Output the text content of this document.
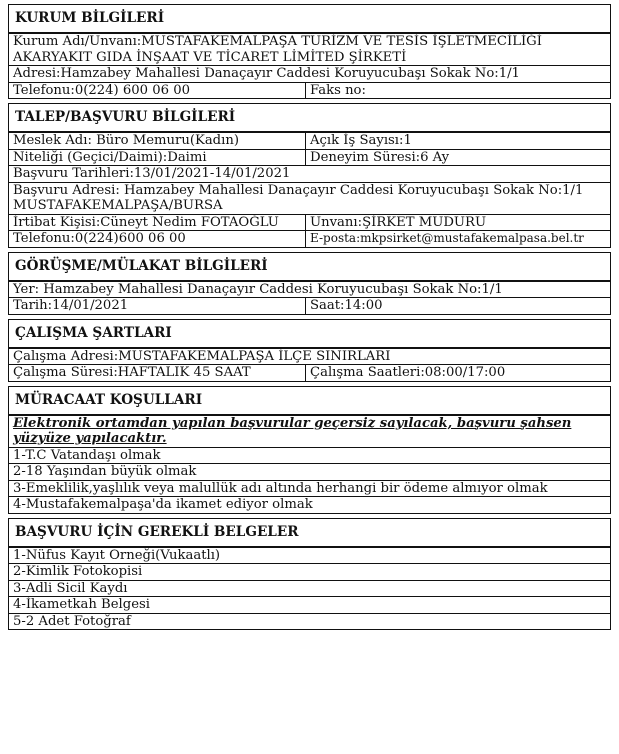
KURUM BİLGİLERİ
Kurum Adı/Unvanı:MUSTAFAKEMALPAŞA TURİZM VE TESİS İŞLETMECİLİĞİ AKARYAKIT GIDA İNŞAAT VE TİCARET LİMİTED ŞİRKETİ
Adresi:Hamzabey Mahallesi Danaçayır Caddesi Koruyucubaşı Sokak No:1/1
Telefonu:0(224) 600 06 00	Faks no:
TALEP/BAŞVURU BİLGİLERİ
Meslek Adı: Büro Memuru(Kadın)	Açık İş Sayısı:1
Niteliği (Geçici/Daimi):Daimi	Deneyim Süresi:6 Ay
Başvuru Tarihleri:13/01/2021-14/01/2021
Başvuru Adresi: Hamzabey Mahallesi Danaçayır Caddesi Koruyucubaşı Sokak No:1/1 MUSTAFAKEMALPAŞA/BURSA
İrtibat Kişisi:Cüneyt Nedim FOTAOĞLU	Unvanı:ŞİRKET MÜDÜRÜ
Telefonu:0(224)600 06 00	E-posta:mkpsirket@mustafakemalpasa.bel.tr
GÖRÜŞME/MÜLAKAT BİLGİLERİ
Yer: Hamzabey Mahallesi Danaçayır Caddesi Koruyucubaşı Sokak No:1/1
Tarih:14/01/2021	Saat:14:00
ÇALIŞMA ŞARTLARI
Çalışma Adresi:MUSTAFAKEMALPAŞA İLÇE SINIRLARI
Çalışma Süresi:HAFTALIK 45 SAAT	Çalışma Saatleri:08:00/17:00
MÜRACAAT KOŞULLARI
Elektronik ortamdan yapılan başvurular geçersiz sayılacak, başvuru şahsen yüzyüze yapılacaktır.
1-T.C Vatandaşı olmak
2-18 Yaşından büyük olmak
3-Emeklilik,yaşlılık veya malullük adı altında herhangi bir ödeme almıyor olmak
4-Mustafakemalpaşa'da ikamet ediyor olmak
BAŞVURU İÇİN GEREKLİ BELGELER
1-Nüfus Kayıt Örneği(Vukaatlı)
2-Kimlik Fotokopisi
3-Adli Sicil Kaydı
4-İkametkah Belgesi
5-2 Adet Fotoğraf
